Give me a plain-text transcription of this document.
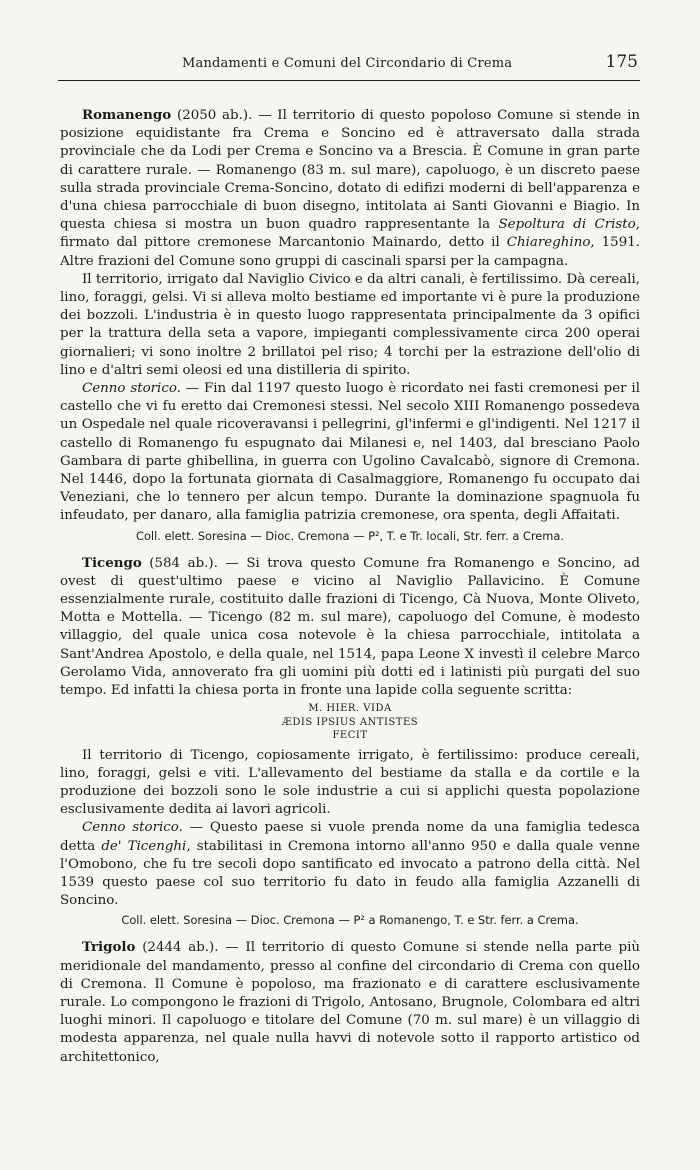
Mandamenti e Comuni del Circondario di Crema	175

Romanengo (2050 ab.). — Il territorio di questo popoloso Comune si stende in posizione equidistante fra Crema e Soncino ed è attraversato dalla strada provinciale che da Lodi per Crema e Soncino va a Brescia. È Comune in gran parte di carattere rurale. — Romanengo (83 m. sul mare), capoluogo, è un discreto paese sulla strada provinciale Crema-Soncino, dotato di edifizi moderni di bell'apparenza e d'una chiesa parrocchiale di buon disegno, intitolata ai Santi Giovanni e Biagio. In questa chiesa si mostra un buon quadro rappresentante la Sepoltura di Cristo, firmato dal pittore cremonese Marcantonio Mainardo, detto il Chiareghino, 1591. Altre frazioni del Comune sono gruppi di cascinali sparsi per la campagna.

Il territorio, irrigato dal Naviglio Civico e da altri canali, è fertilissimo. Dà cereali, lino, foraggi, gelsi. Vi si alleva molto bestiame ed importante vi è pure la produzione dei bozzoli. L'industria è in questo luogo rappresentata principalmente da 3 opifici per la trattura della seta a vapore, impieganti complessivamente circa 200 operai giornalieri; vi sono inoltre 2 brillatoi pel riso; 4 torchi per la estrazione dell'olio di lino e d'altri semi oleosi ed una distilleria di spirito.

Cenno storico. — Fin dal 1197 questo luogo è ricordato nei fasti cremonesi per il castello che vi fu eretto dai Cremonesi stessi. Nel secolo XIII Romanengo possedeva un Ospedale nel quale ricoveravansi i pellegrini, gl'infermi e gl'indigenti. Nel 1217 il castello di Romanengo fu espugnato dai Milanesi e, nel 1403, dal bresciano Paolo Gambara di parte ghibellina, in guerra con Ugolino Cavalcabò, signore di Cremona. Nel 1446, dopo la fortunata giornata di Casalmaggiore, Romanengo fu occupato dai Veneziani, che lo tennero per alcun tempo. Durante la dominazione spagnuola fu infeudato, per danaro, alla famiglia patrizia cremonese, ora spenta, degli Affaitati.

Coll. elett. Soresina — Dioc. Cremona — P², T. e Tr. locali, Str. ferr. a Crema.

Ticengo (584 ab.). — Si trova questo Comune fra Romanengo e Soncino, ad ovest di quest'ultimo paese e vicino al Naviglio Pallavicino. È Comune essenzialmente rurale, costituito dalle frazioni di Ticengo, Cà Nuova, Monte Oliveto, Motta e Mottella. — Ticengo (82 m. sul mare), capoluogo del Comune, è modesto villaggio, del quale unica cosa notevole è la chiesa parrocchiale, intitolata a Sant'Andrea Apostolo, e della quale, nel 1514, papa Leone X investì il celebre Marco Gerolamo Vida, annoverato fra gli uomini più dotti ed i latinisti più purgati del suo tempo. Ed infatti la chiesa porta in fronte una lapide colla seguente scritta:

M. HIER. VIDA
ÆDIS IPSIUS ANTISTES
FECIT

Il territorio di Ticengo, copiosamente irrigato, è fertilissimo: produce cereali, lino, foraggi, gelsi e viti. L'allevamento del bestiame da stalla e da cortile e la produzione dei bozzoli sono le sole industrie a cui si applichi questa popolazione esclusivamente dedita ai lavori agricoli.

Cenno storico. — Questo paese si vuole prenda nome da una famiglia tedesca detta de' Ticenghi, stabilitasi in Cremona intorno all'anno 950 e dalla quale venne l'Omobono, che fu tre secoli dopo santificato ed invocato a patrono della città. Nel 1539 questo paese col suo territorio fu dato in feudo alla famiglia Azzanelli di Soncino.

Coll. elett. Soresina — Dioc. Cremona — P² a Romanengo, T. e Str. ferr. a Crema.

Trigolo (2444 ab.). — Il territorio di questo Comune si stende nella parte più meridionale del mandamento, presso al confine del circondario di Crema con quello di Cremona. Il Comune è popoloso, ma frazionato e di carattere esclusivamente rurale. Lo compongono le frazioni di Trigolo, Antosano, Brugnole, Colombara ed altri luoghi minori. Il capoluogo e titolare del Comune (70 m. sul mare) è un villaggio di modesta apparenza, nel quale nulla havvi di notevole sotto il rapporto artistico od architettonico,
